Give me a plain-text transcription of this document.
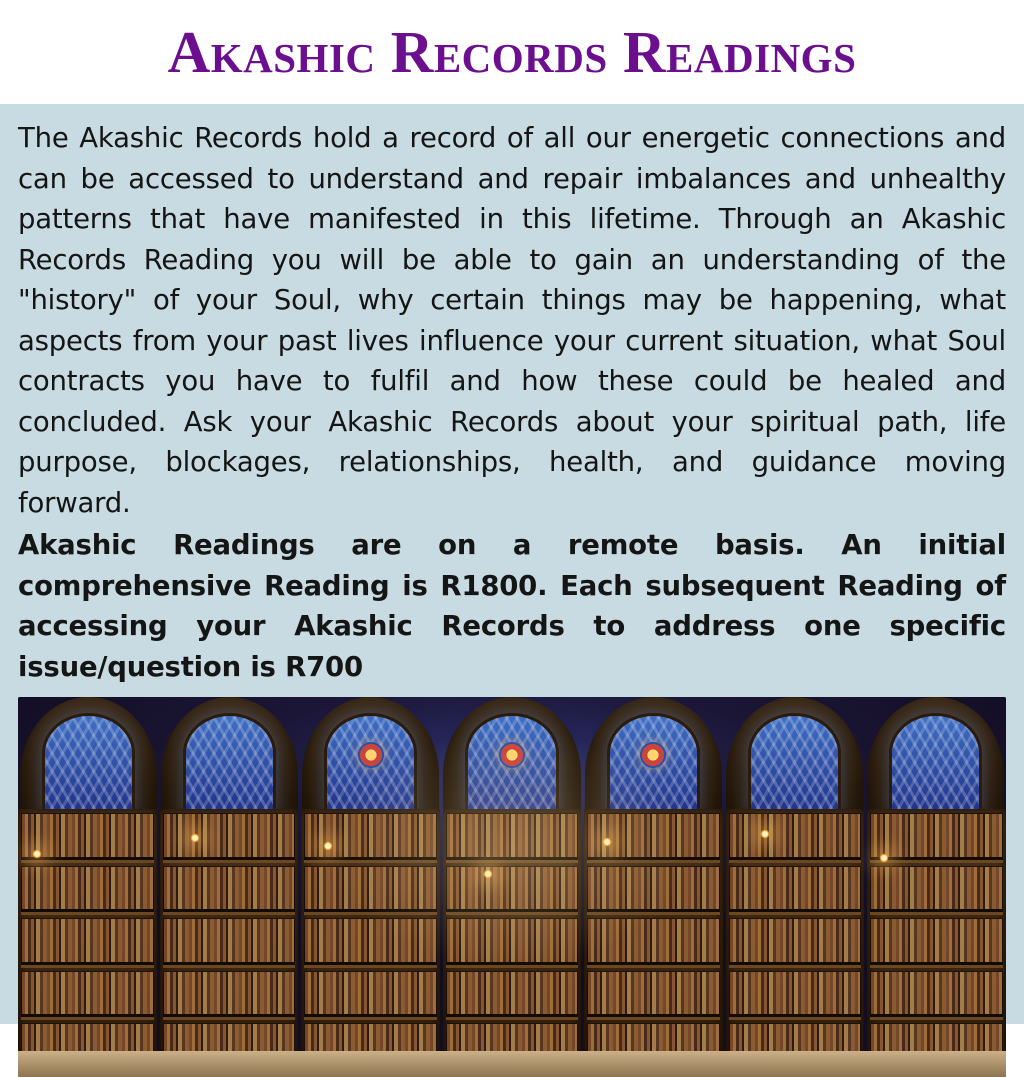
Akashic Records Readings

The Akashic Records hold a record of all our energetic connections and can be accessed to understand and repair imbalances and unhealthy patterns that have manifested in this lifetime. Through an Akashic Records Reading you will be able to gain an understanding of the "history" of your Soul, why certain things may be happening, what aspects from your past lives influence your current situation, what Soul contracts you have to fulfil and how these could be healed and concluded. Ask your Akashic Records about your spiritual path, life purpose, blockages, relationships, health, and guidance moving forward.

Akashic Readings are on a remote basis. An initial comprehensive Reading is R1800. Each subsequent Reading of accessing your Akashic Records to address one specific issue/question is R700
